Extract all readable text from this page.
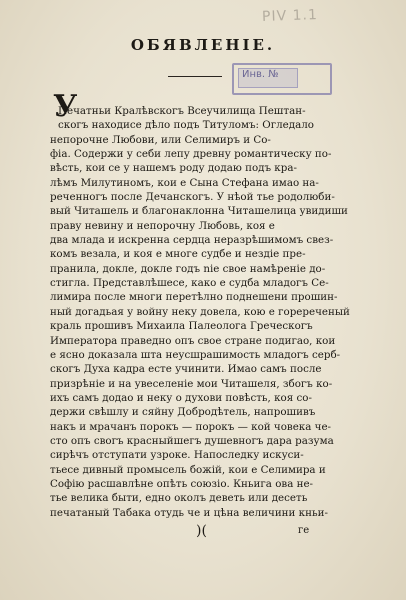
PIV 1.1
Инв. №
ОБЯВЛЕНIЕ.
У
Печатньи Кралѣвскогъ Всеучилища Пештан-
скогъ находисе дѣло подъ Титуломъ: Огледало
непорочне Любови, или Селимиръ и Со-
фiа. Содержи у себи лепу древну романтическу по-
вѣсть, кои се у нашемъ роду додаю подъ кра-
лѣмъ Милутиномъ, кои е Сына Стефана имао на-
реченногъ после Дечанскогъ. У нѣой тье родолюби-
вый Читашель и благонаклонна Читашелица увидиши
праву невину и непорочну Любовь, коя е
два млада и искренна сердца неразрѣшимомъ свез-
комъ везала, и коя е многе судбе и нездiе пре-
пранила, докле, докле годъ nie свое намѣренiе до-
стигла. Представлѣшесе, како е судба младогъ Се-
лимира после многи перетѣлно поднешени прошин-
ный догадьая у войну неку довела, кою е горереченый
краль прошивъ Михаила Палеолога Греческогъ
Императора праведно опъ свое стране подигао, кои
е ясно доказала шта неусшрашимость младогъ серб-
скогъ Духа кадра есте учинити. Имао самъ после
призрѣнiе и на увеселенiе мои Читашеля, збогъ ко-
ихъ самъ додао и неку о духови повѣсть, коя со-
держи свѣшлу и сяйну Добродѣтель, напрошивъ
накъ и мрачанъ порокъ — порокъ — кой човека че-
сто опъ свогъ красныйшегъ душевногъ дара разума
сирѣчъ отступати узроке. Напоследку искуси-
тьесе дивный промысель божiй, кои е Селимира и
Софiю расшавлѣне опѣть союзiо. Кньига ова не-
тье велика быти, едно околъ деветь или десеть
печатаный Табака отудь че и цѣна величини кньи-
)(	ге
